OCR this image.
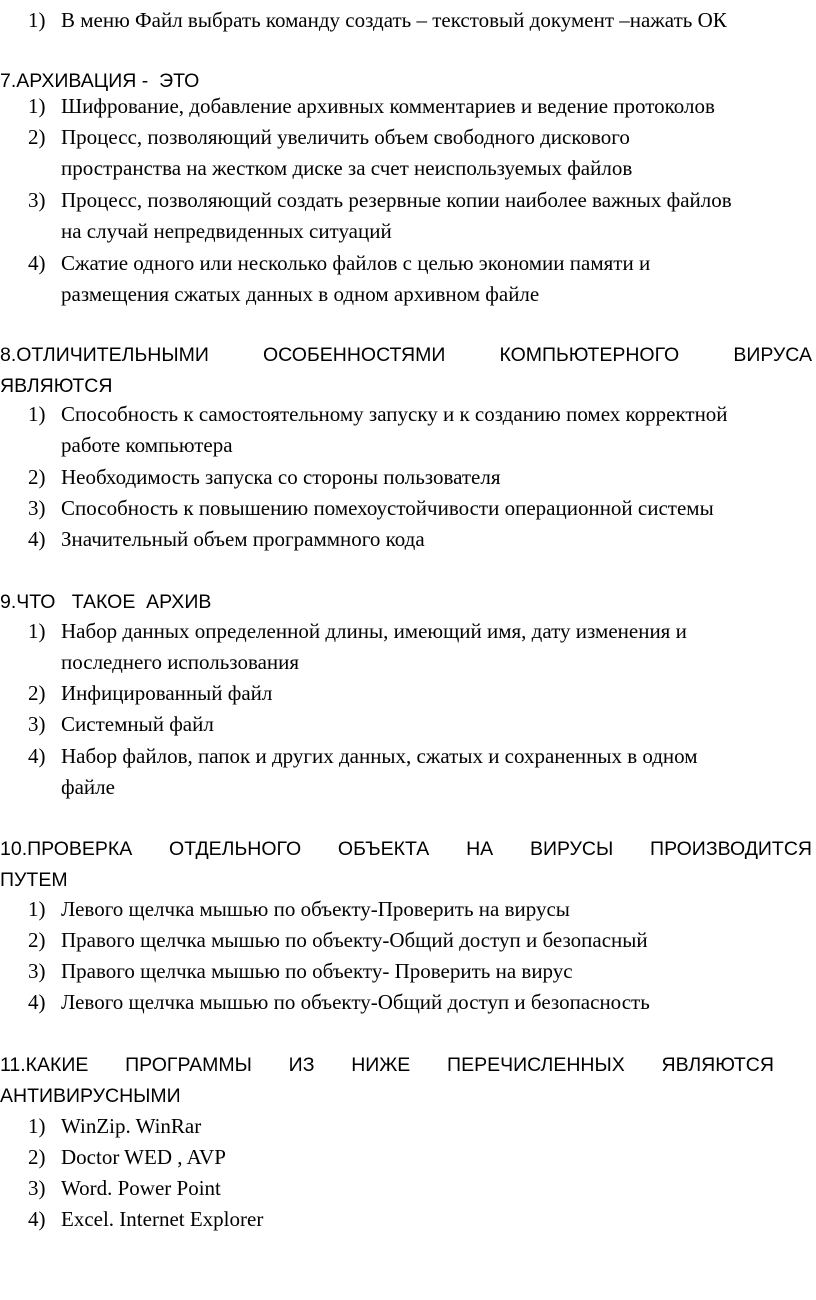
1) В меню Файл выбрать команду создать – текстовый документ –нажать ОК
7.АРХИВАЦИЯ - ЭТО
1) Шифрование, добавление архивных комментариев и ведение протоколов
2) Процесс, позволяющий увеличить объем свободного дискового
пространства на жестком диске за счет неиспользуемых файлов
3) Процесс, позволяющий создать резервные копии наиболее важных файлов
на случай непредвиденных ситуаций
4) Сжатие одного или несколько файлов с целью экономии памяти и
размещения сжатых данных в одном архивном файле
8.ОТЛИЧИТЕЛЬНЫМИ	ОСОБЕННОСТЯМИ	КОМПЬЮТЕРНОГО	ВИРУСА
ЯВЛЯЮТСЯ
1) Способность к самостоятельному запуску и к созданию помех корректной
работе компьютера
2) Необходимость запуска со стороны пользователя
3) Способность к повышению помехоустойчивости операционной системы
4) Значительный объем программного кода
9.ЧТО ТАКОЕ АРХИВ
1) Набор данных определенной длины, имеющий имя, дату изменения и
последнего использования
2) Инфицированный файл
3) Системный файл
4) Набор файлов, папок и других данных, сжатых и сохраненных в одном
файле
10.ПРОВЕРКА ОТДЕЛЬНОГО ОБЪЕКТА НА ВИРУСЫ ПРОИЗВОДИТСЯ
ПУТЕМ
1) Левого щелчка мышью по объекту-Проверить на вирусы
2) Правого щелчка мышью по объекту-Общий доступ и безопасный
3) Правого щелчка мышью по объекту- Проверить на вирус
4) Левого щелчка мышью по объекту-Общий доступ и безопасность
11.КАКИЕ ПРОГРАММЫ ИЗ НИЖЕ ПЕРЕЧИСЛЕННЫХ ЯВЛЯЮТСЯ
АНТИВИРУСНЫМИ
1) WinZip. WinRar
2) Doctor WED , AVP
3) Word. Power Point
4) Excel. Internet Explorer
